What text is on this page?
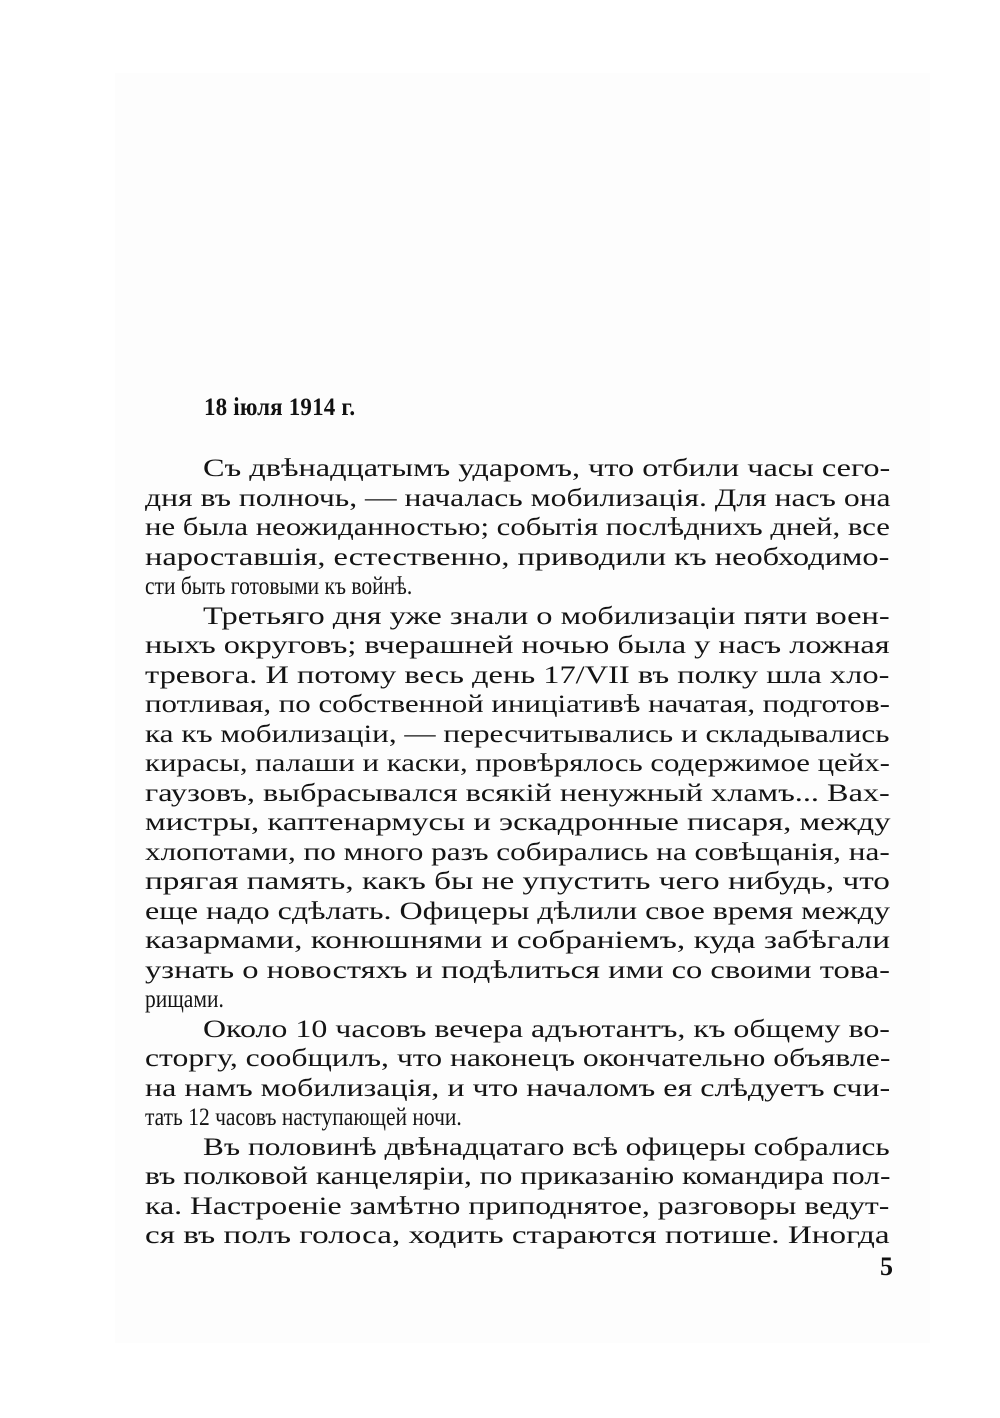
18 іюля 1914 г.
Съ двѣнадцатымъ ударомъ, что отбили часы сего-
дня въ полночь, — началась мобилизація. Для насъ она
не была неожиданностью; событія послѣднихъ дней, все
нароставшія, естественно, приводили къ необходимо-
сти быть готовыми къ войнѣ.
Третьяго дня уже знали о мобилизаціи пяти воен-
ныхъ округовъ; вчерашней ночью была у насъ ложная
тревога. И потому весь день 17/VII въ полку шла хло-
потливая, по собственной иниціативѣ начатая, подготов-
ка къ мобилизаціи, — пересчитывались и складывались
кирасы, палаши и каски, провѣрялось содержимое цейх-
гаузовъ, выбрасывался всякій ненужный хламъ... Вах-
мистры, каптенармусы и эскадронные писаря, между
хлопотами, по много разъ собирались на совѣщанія, на-
прягая память, какъ бы не упустить чего нибудь, что
еще надо сдѣлать. Офицеры дѣлили свое время между
казармами, конюшнями и собраніемъ, куда забѣгали
узнать о новостяхъ и подѣлиться ими со своими това-
рищами.
Около 10 часовъ вечера адъютантъ, къ общему во-
сторгу, сообщилъ, что наконецъ окончательно объявле-
на намъ мобилизація, и что началомъ ея слѣдуетъ счи-
тать 12 часовъ наступающей ночи.
Въ половинѣ двѣнадцатаго всѣ офицеры собрались
въ полковой канцеляріи, по приказанію командира пол-
ка. Настроеніе замѣтно приподнятое, разговоры ведут-
ся въ полъ голоса, ходить стараются потише. Иногда
5
